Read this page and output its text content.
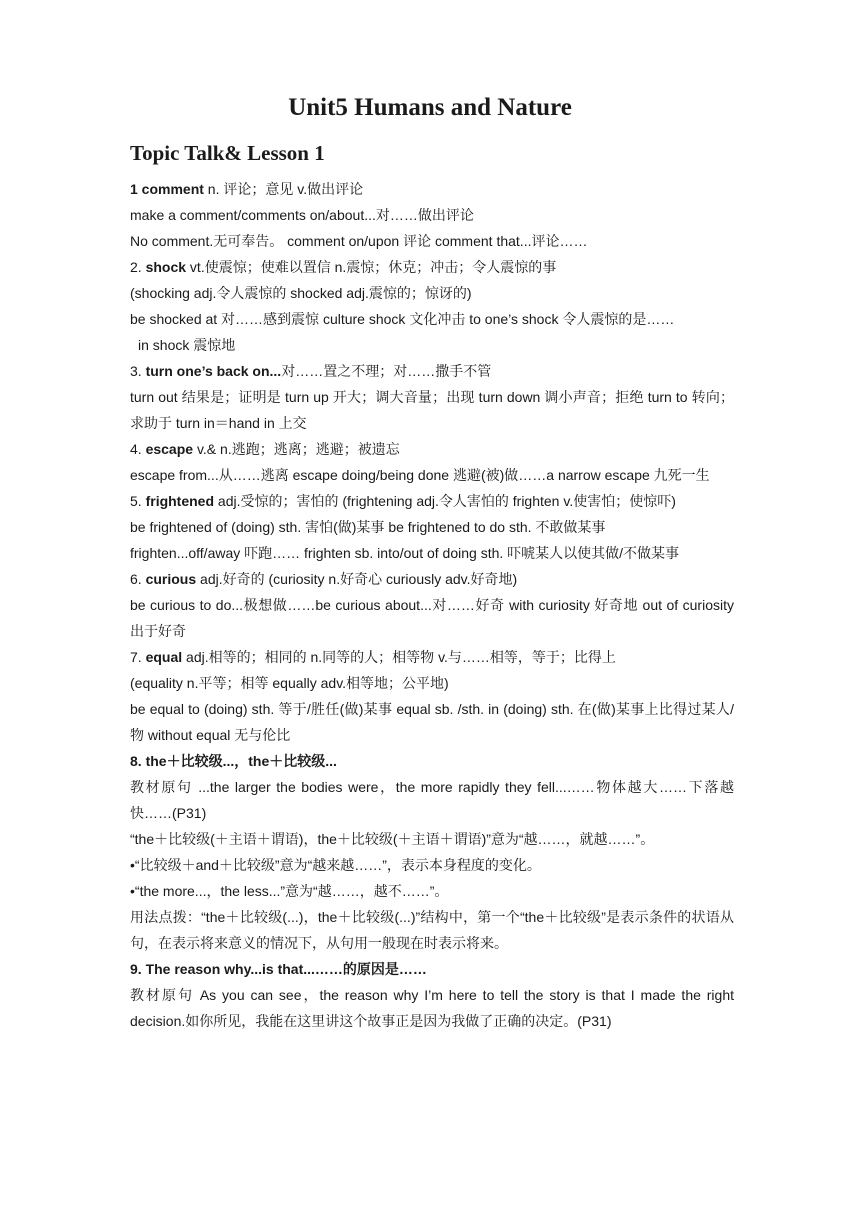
Unit5 Humans and Nature
Topic Talk& Lesson 1
1 comment n. 评论；意见 v.做出评论
make a comment/comments on/about...对……做出评论
No comment.无可奉告。 comment on/upon 评论 comment that...评论……
2. shock vt.使震惊；使难以置信 n.震惊；休克；冲击；令人震惊的事
(shocking adj.令人震惊的 shocked adj.震惊的；惊讶的)
be shocked at 对……感到震惊 culture shock 文化冲击 to one’s shock 令人震惊的是……
in shock 震惊地
3. turn one’s back on...对……置之不理；对……撒手不管
turn out 结果是；证明是 turn up 开大；调大音量；出现 turn down 调小声音；拒绝 turn to 转向；求助于 turn in＝hand in 上交
4. escape v.& n.逃跑；逃离；逃避；被遗忘
escape from...从……逃离 escape doing/being done 逃避(被)做……a narrow escape 九死一生
5. frightened adj.受惊的；害怕的 (frightening adj.令人害怕的 frighten v.使害怕；使惊吓)
be frightened of (doing) sth. 害怕(做)某事 be frightened to do sth. 不敢做某事
frighten...off/away 吓跑…… frighten sb. into/out of doing sth. 吓唬某人以使其做/不做某事
6. curious adj.好奇的 (curiosity n.好奇心 curiously adv.好奇地)
be curious to do...极想做……be curious about...对……好奇 with curiosity 好奇地 out of curiosity 出于好奇
7. equal adj.相等的；相同的 n.同等的人；相等物 v.与……相等，等于；比得上
(equality n.平等；相等 equally adv.相等地；公平地)
be equal to (doing) sth. 等于/胜任(做)某事 equal sb. /sth. in (doing) sth. 在(做)某事上比得过某人/物 without equal 无与伦比
8. the＋比较级...，the＋比较级...
教材原句 ...the larger the bodies were，the more rapidly they fell...……物体越大……下落越快……(P31)
“the＋比较级(＋主语＋谓语)，the＋比较级(＋主语＋谓语)”意为“越……，就越……”。
•“比较级＋and＋比较级”意为“越来越……”，表示本身程度的变化。
•“the more...，the less...”意为“越……，越不……”。
用法点拨：“the＋比较级(...)，the＋比较级(...)”结构中，第一个“the＋比较级”是表示条件的状语从句，在表示将来意义的情况下，从句用一般现在时表示将来。
9. The reason why...is that...……的原因是……
教材原句 As you can see，the reason why I’m here to tell the story is that I made the right decision.如你所见，我能在这里讲这个故事正是因为我做了正确的决定。(P31)
